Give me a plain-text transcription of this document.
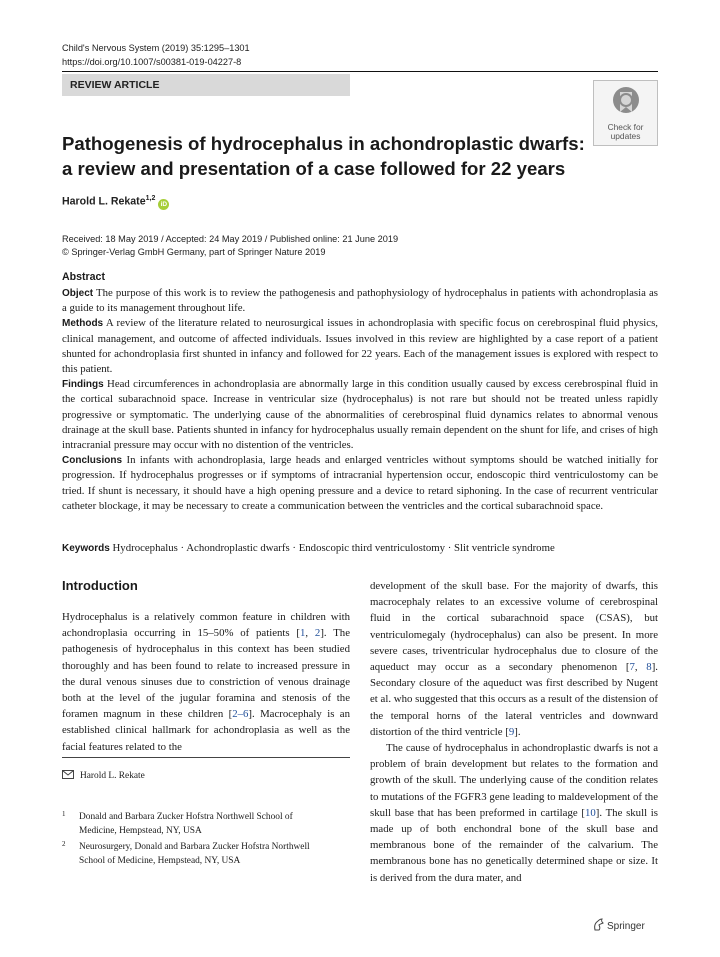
Child's Nervous System (2019) 35:1295–1301
https://doi.org/10.1007/s00381-019-04227-8
REVIEW ARTICLE
Check for
updates
Pathogenesis of hydrocephalus in achondroplastic dwarfs:
a review and presentation of a case followed for 22 years
Harold L. Rekate$^{1,2}$iD
Received: 18 May 2019 / Accepted: 24 May 2019 / Published online: 21 June 2019
© Springer-Verlag GmbH Germany, part of Springer Nature 2019
Abstract

Object The purpose of this work is to review the pathogenesis and pathophysiology of hydrocephalus in patients with achondroplasia as a guide to its management throughout life.

Methods A review of the literature related to neurosurgical issues in achondroplasia with specific focus on cerebrospinal fluid physics, clinical management, and outcome of affected individuals. Issues involved in this review are highlighted by a case report of a patient shunted for achondroplasia first shunted in infancy and followed for 22 years. Each of the management issues is explored with respect to this patient.

Findings Head circumferences in achondroplasia are abnormally large in this condition usually caused by excess cerebrospinal fluid in the cortical subarachnoid space. Increase in ventricular size (hydrocephalus) is not rare but should not be treated unless rapidly progressive or symptomatic. The underlying cause of the abnormalities of cerebrospinal fluid dynamics relates to abnormal venous drainage at the skull base. Patients shunted in infancy for hydrocephalus usually remain dependent on the shunt for life, and crises of high intracranial pressure may occur with no distention of the ventricles.

Conclusions In infants with achondroplasia, large heads and enlarged ventricles without symptoms should be watched initially for progression. If hydrocephalus progresses or if symptoms of intracranial hypertension occur, endoscopic third ventriculostomy can be tried. If shunt is necessary, it should have a high opening pressure and a device to retard siphoning. In the case of recurrent ventricular catheter blockage, it may be necessary to create a communication between the ventricles and the cortical subarachnoid space.

Keywords Hydrocephalus · Achondroplastic dwarfs · Endoscopic third ventriculostomy · Slit ventricle syndrome
Introduction

Hydrocephalus is a relatively common feature in children with achondroplasia occurring in 15–50% of patients [1, 2]. The pathogenesis of hydrocephalus in this context has been studied thoroughly and has been found to relate to increased pressure in the dural venous sinuses due to constriction of venous drainage both at the level of the jugular foramina and stenosis of the foramen magnum in these children [2–6]. Macrocephaly is an established clinical hallmark for achondroplasia as well as the facial features related to the

Harold L. Rekate
1 Donald and Barbara Zucker Hofstra Northwell School of Medicine, Hempstead, NY, USA
2 Neurosurgery, Donald and Barbara Zucker Hofstra Northwell School of Medicine, Hempstead, NY, USA

development of the skull base. For the majority of dwarfs, this macrocephaly relates to an excessive volume of cerebrospinal fluid in the cortical subarachnoid space (CSAS), but ventriculomegaly (hydrocephalus) can also be present. In more severe cases, triventricular hydrocephalus due to closure of the aqueduct may occur as a secondary phenomenon [7, 8]. Secondary closure of the aqueduct was first described by Nugent et al. who suggested that this occurs as a result of the distension of the temporal horns of the lateral ventricles and downward distortion of the third ventricle [9].

The cause of hydrocephalus in achondroplastic dwarfs is not a problem of brain development but relates to the formation and growth of the skull. The underlying cause of the condition relates to mutations of the FGFR3 gene leading to maldevelopment of the skull base that has been preformed in cartilage [10]. The skull is made up of both enchondral bone of the skull base and membranous bone of the remainder of the calvarium. The membranous bone has no genetically determined shape or size. It is derived from the dura mater, and

Springer
